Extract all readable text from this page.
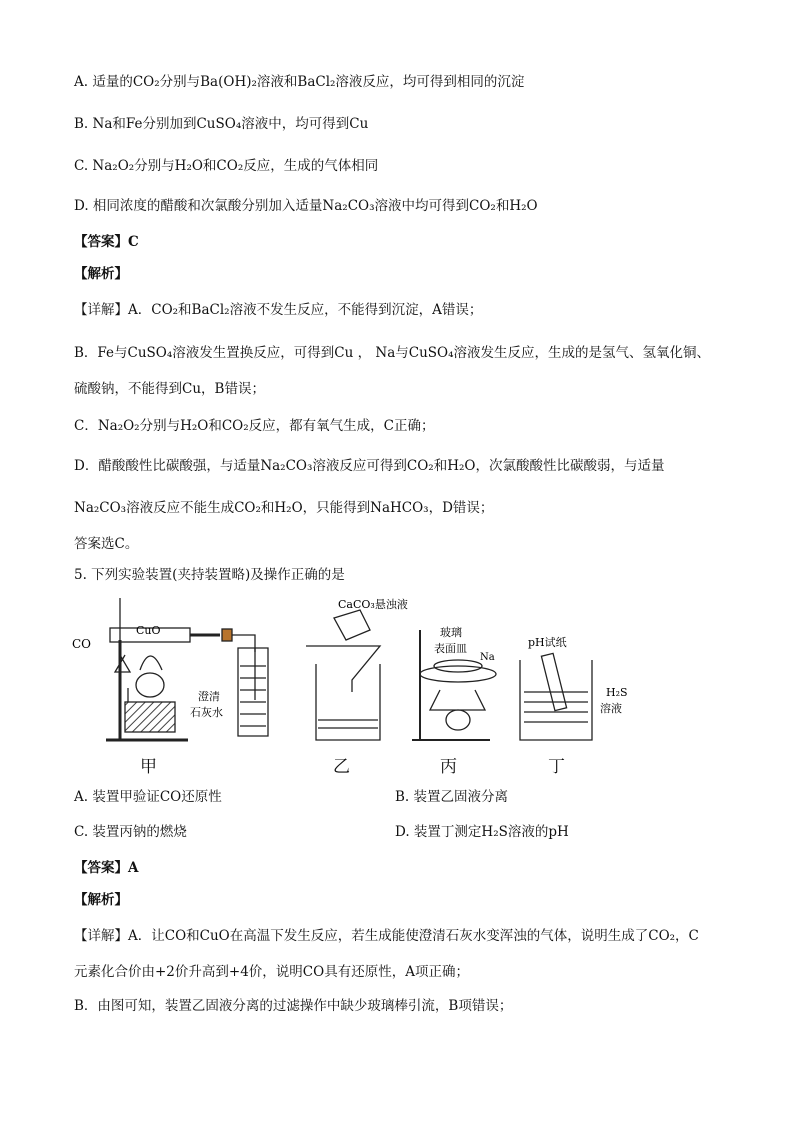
A. 适量的CO₂分别与Ba(OH)₂溶液和BaCl₂溶液反应，均可得到相同的沉淀
B. Na和Fe分别加到CuSO₄溶液中，均可得到Cu
C. Na₂O₂分别与H₂O和CO₂反应，生成的气体相同
D. 相同浓度的醋酸和次氯酸分别加入适量Na₂CO₃溶液中均可得到CO₂和H₂O
【答案】C
【解析】
【详解】A．CO₂和BaCl₂溶液不发生反应，不能得到沉淀，A错误；
B．Fe与CuSO₄溶液发生置换反应，可得到Cu ， Na与CuSO₄溶液发生反应，生成的是氢气、氢氧化铜、
硫酸钠，不能得到Cu，B错误；
C．Na₂O₂分别与H₂O和CO₂反应，都有氧气生成，C正确；
D．醋酸酸性比碳酸强，与适量Na₂CO₃溶液反应可得到CO₂和H₂O，次氯酸酸性比碳酸弱，与适量
Na₂CO₃溶液反应不能生成CO₂和H₂O，只能得到NaHCO₃，D错误；
答案选C。
5. 下列实验装置(夹持装置略)及操作正确的是
CO
CuO
澄清
石灰水
CaCO₃悬浊液
玻璃
表面皿
Na
pH试纸
H₂S
溶液
甲	乙	丙	丁
A. 装置甲验证CO还原性	B. 装置乙固液分离
C. 装置丙钠的燃烧	D. 装置丁测定H₂S溶液的pH
【答案】A
【解析】
【详解】A．让CO和CuO在高温下发生反应，若生成能使澄清石灰水变浑浊的气体，说明生成了CO₂，C
元素化合价由+2价升高到+4价，说明CO具有还原性，A项正确；
B．由图可知，装置乙固液分离的过滤操作中缺少玻璃棒引流，B项错误；
